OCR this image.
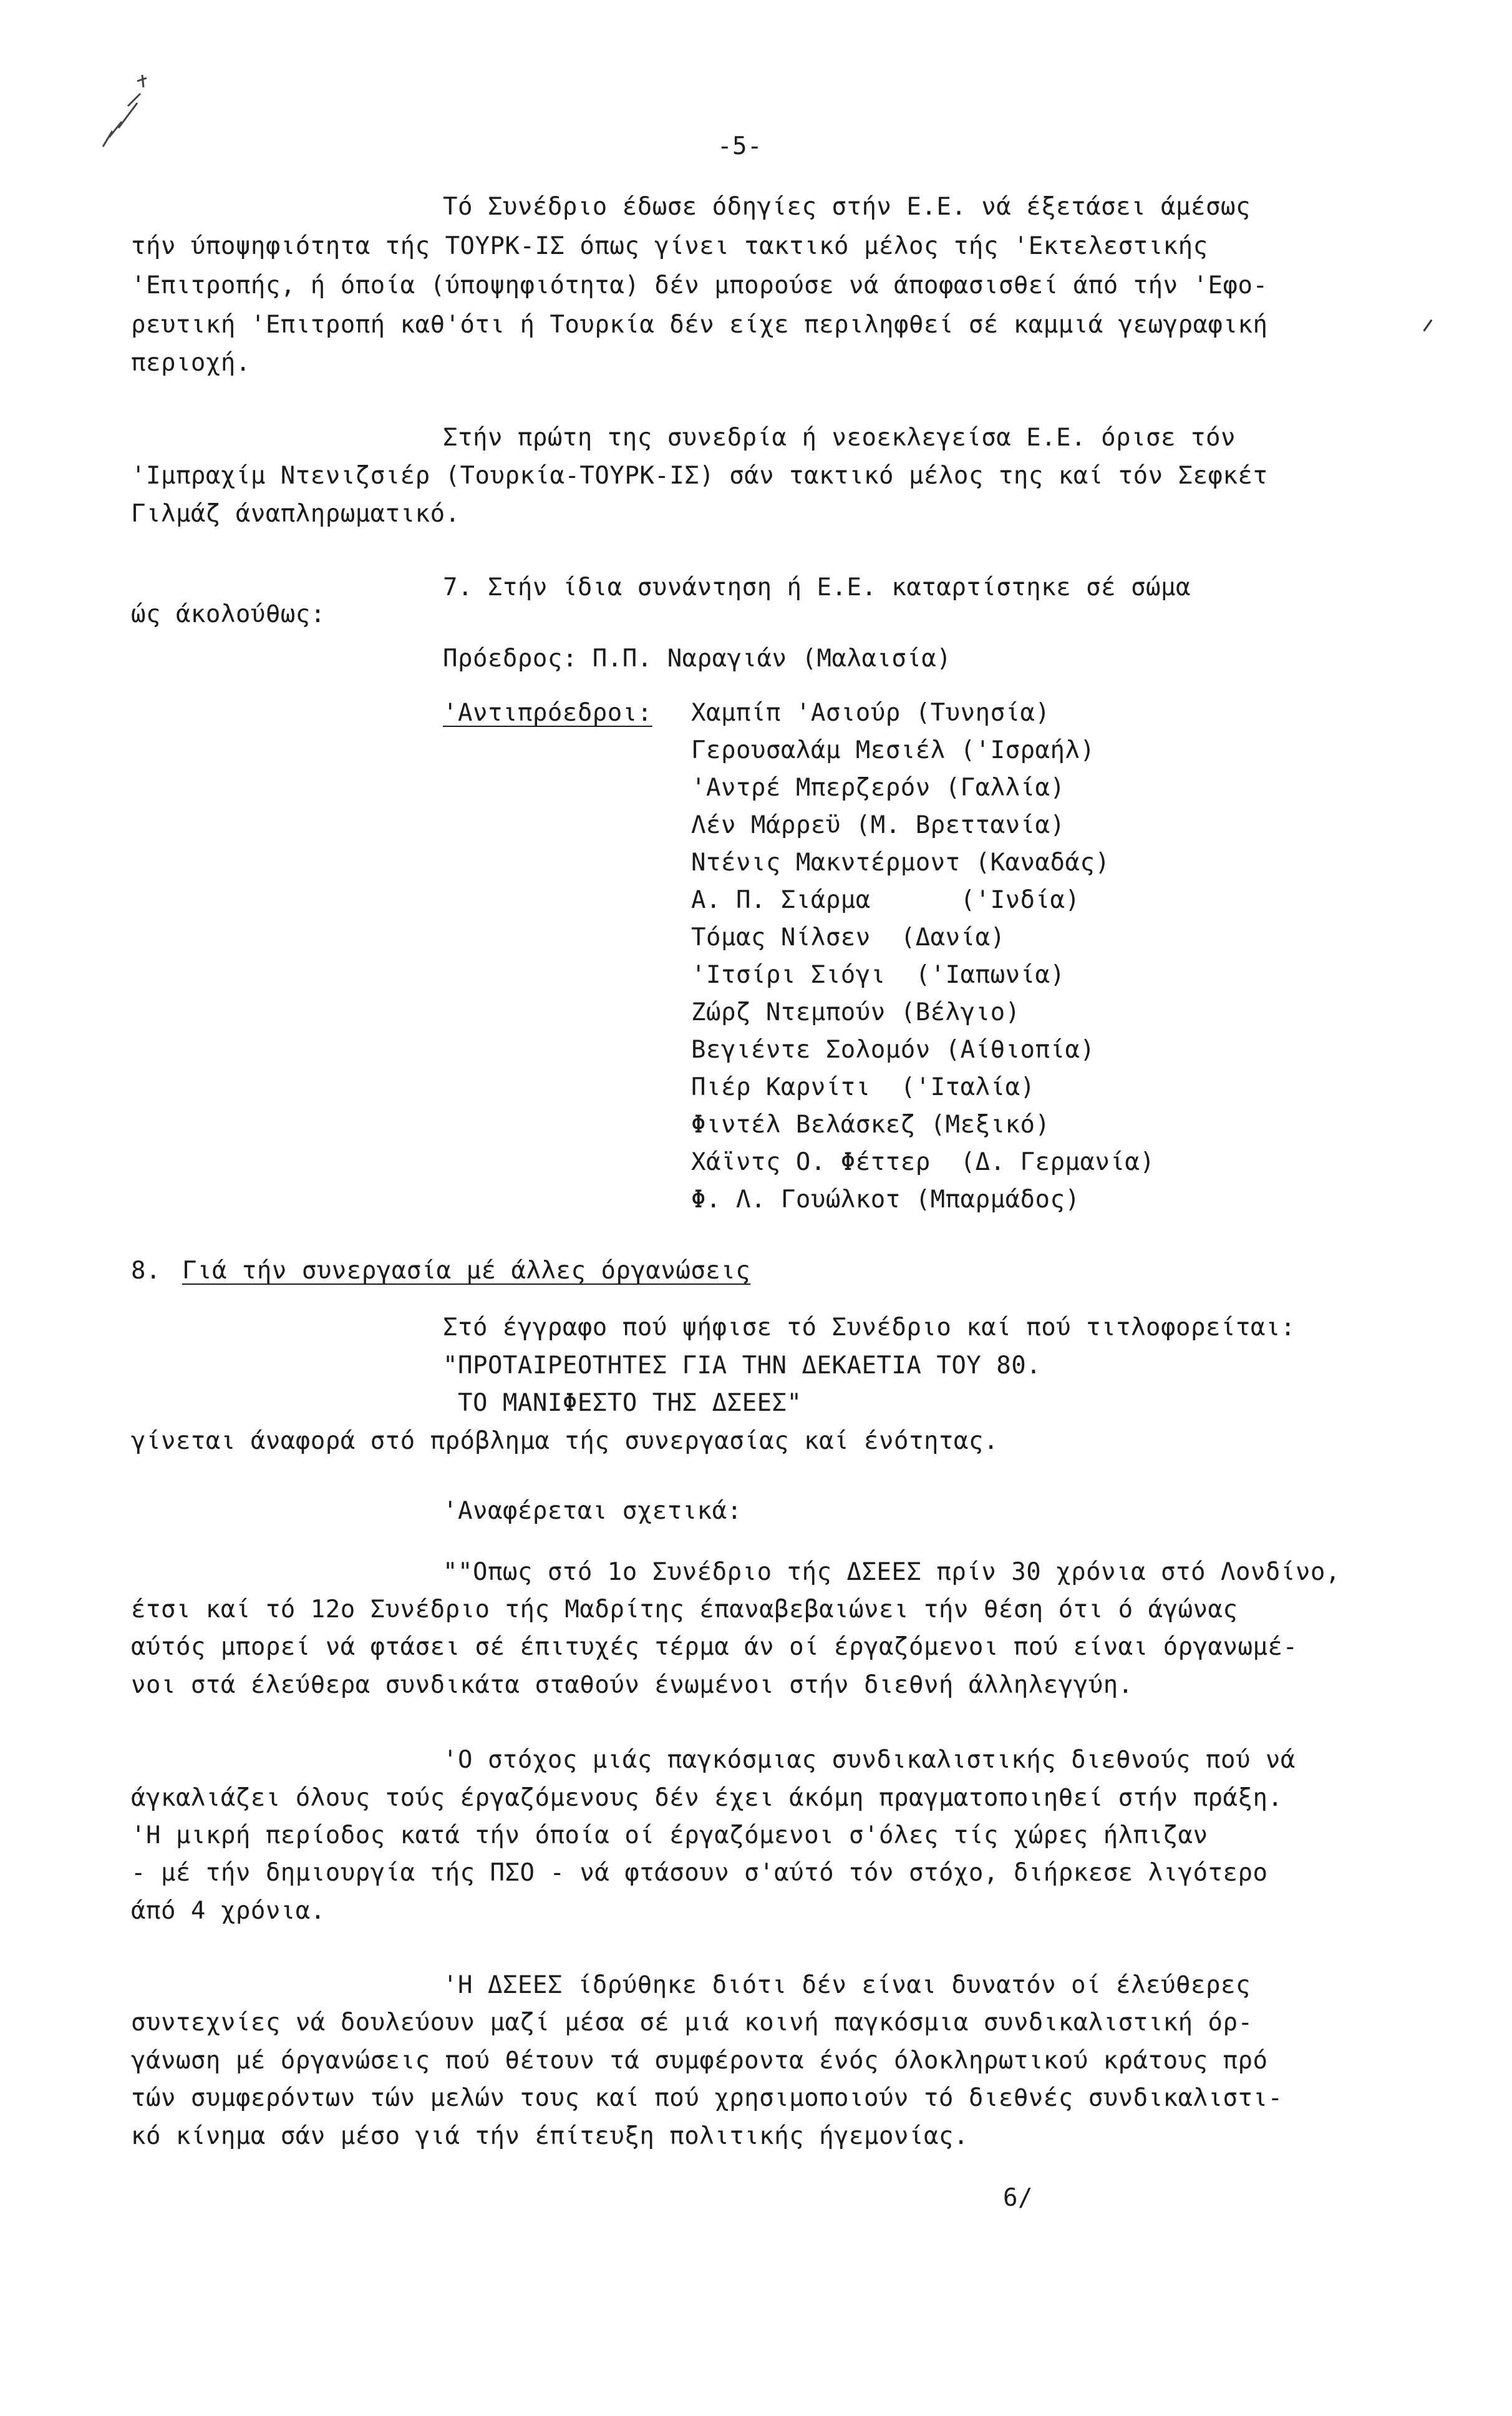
-5-
Τό Συνέδριο έδωσε όδηγίες στήν Ε.Ε. νά έξετάσει άμέσως
τήν ύποψηφιότητα τής ΤΟΥΡΚ-ΙΣ όπως γίνει τακτικό μέλος τής 'Εκτελεστικής
'Επιτροπής, ή όποία (ύποψηφιότητα) δέν μπορούσε νά άποφασισθεί άπό τήν 'Εφο-
ρευτική 'Επιτροπή καθ'ότι ή Τουρκία δέν είχε περιληφθεί σέ καμμιά γεωγραφική
περιοχή.
Στήν πρώτη της συνεδρία ή νεοεκλεγείσα Ε.Ε. όρισε τόν
'Ιμπραχίμ Ντενιζσιέρ (Τουρκία-ΤΟΥΡΚ-ΙΣ) σάν τακτικό μέλος της καί τόν Σεφκέτ
Γιλμάζ άναπληρωματικό.
7. Στήν ίδια συνάντηση ή Ε.Ε. καταρτίστηκε σέ σώμα
ώς άκολούθως:
Πρόεδρος: Π.Π. Ναραγιάν (Μαλαισία)
'Αντιπρόεδροι: Χαμπίπ 'Ασιούρ (Τυνησία)
Γερουσαλάμ Μεσιέλ ('Ισραήλ)
'Αντρέ Μπερζερόν (Γαλλία)
Λέν Μάρρεϋ (Μ. Βρεττανία)
Ντένις Μακντέρμοντ (Καναδάς)
Α. Π. Σιάρμα      ('Ινδία)
Τόμας Νίλσεν  (Δανία)
'Ιτσίρι Σιόγι  ('Ιαπωνία)
Ζώρζ Ντεμπούν (Βέλγιο)
Βεγιέντε Σολομόν (Αίθιοπία)
Πιέρ Καρνίτι  ('Ιταλία)
Φιντέλ Βελάσκεζ (Μεξικό)
Χάϊντς Ο. Φέττερ  (Δ. Γερμανία)
Φ. Λ. Γουώλκοτ (Μπαρμάδος)
8. Γιά τήν συνεργασία μέ άλλες όργανώσεις
Στό έγγραφο πού ψήφισε τό Συνέδριο καί πού τιτλοφορείται:
"ΠΡΟΤΑΙΡΕΟΤΗΤΕΣ ΓΙΑ ΤΗΝ ΔΕΚΑΕΤΙΑ ΤΟΥ 80.
ΤΟ ΜΑΝΙΦΕΣΤΟ ΤΗΣ ΔΣΕΕΣ"
γίνεται άναφορά στό πρόβλημα τής συνεργασίας καί ένότητας.
'Αναφέρεται σχετικά:
""Οπως στό 1ο Συνέδριο τής ΔΣΕΕΣ πρίν 30 χρόνια στό Λονδίνο,
έτσι καί τό 12ο Συνέδριο τής Μαδρίτης έπαναβεβαιώνει τήν θέση ότι ό άγώνας
αύτός μπορεί νά φτάσει σέ έπιτυχές τέρμα άν οί έργαζόμενοι πού είναι όργανωμέ-
νοι στά έλεύθερα συνδικάτα σταθούν ένωμένοι στήν διεθνή άλληλεγγύη.
'Ο στόχος μιάς παγκόσμιας συνδικαλιστικής διεθνούς πού νά
άγκαλιάζει όλους τούς έργαζόμενους δέν έχει άκόμη πραγματοποιηθεί στήν πράξη.
'Η μικρή περίοδος κατά τήν όποία οί έργαζόμενοι σ'όλες τίς χώρες ήλπιζαν
- μέ τήν δημιουργία τής ΠΣΟ - νά φτάσουν σ'αύτό τόν στόχο, διήρκεσε λιγότερο
άπό 4 χρόνια.
'Η ΔΣΕΕΣ ίδρύθηκε διότι δέν είναι δυνατόν οί έλεύθερες
συντεχνίες νά δουλεύουν μαζί μέσα σέ μιά κοινή παγκόσμια συνδικαλιστική όρ-
γάνωση μέ όργανώσεις πού θέτουν τά συμφέροντα ένός όλοκληρωτικού κράτους πρό
τών συμφερόντων τών μελών τους καί πού χρησιμοποιούν τό διεθνές συνδικαλιστι-
κό κίνημα σάν μέσο γιά τήν έπίτευξη πολιτικής ήγεμονίας.
6/
